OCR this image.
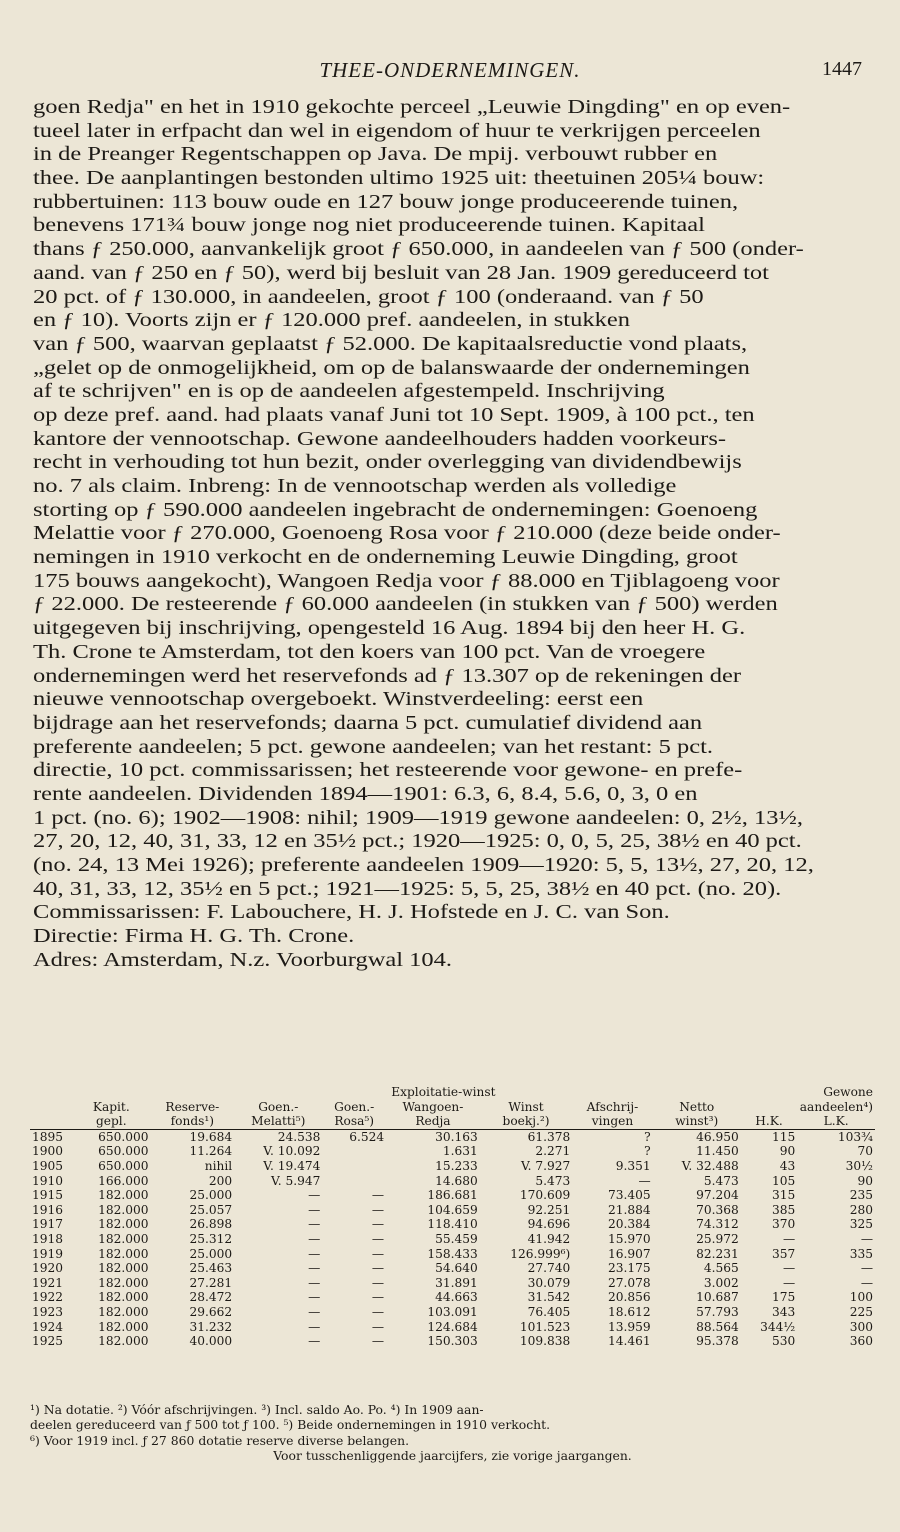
THEE-ONDERNEMINGEN.	1447
goen Redja" en het in 1910 gekochte perceel „Leuwie Dingding" en op even-
tueel later in erfpacht dan wel in eigendom of huur te verkrijgen perceelen
in de Preanger Regentschappen op Java. De mpij. verbouwt rubber en
thee. De aanplantingen bestonden ultimo 1925 uit: theetuinen 205¼ bouw:
rubbertuinen: 113 bouw oude en 127 bouw jonge produceerende tuinen,
benevens 171¾ bouw jonge nog niet produceerende tuinen. Kapitaal
thans ƒ 250.000, aanvankelijk groot ƒ 650.000, in aandeelen van ƒ 500 (onder-
aand. van ƒ 250 en ƒ 50), werd bij besluit van 28 Jan. 1909 gereduceerd tot
20 pct. of ƒ 130.000, in aandeelen, groot ƒ 100 (onderaand. van ƒ 50
en ƒ 10). Voorts zijn er ƒ 120.000 pref. aandeelen, in stukken
van ƒ 500, waarvan geplaatst ƒ 52.000. De kapitaalsreductie vond plaats,
„gelet op de onmogelijkheid, om op de balanswaarde der ondernemingen
af te schrijven" en is op de aandeelen afgestempeld. Inschrijving
op deze pref. aand. had plaats vanaf Juni tot 10 Sept. 1909, à 100 pct., ten
kantore der vennootschap. Gewone aandeelhouders hadden voorkeurs-
recht in verhouding tot hun bezit, onder overlegging van dividendbewijs
no. 7 als claim. Inbreng: In de vennootschap werden als volledige
storting op ƒ 590.000 aandeelen ingebracht de ondernemingen: Goenoeng
Melattie voor ƒ 270.000, Goenoeng Rosa voor ƒ 210.000 (deze beide onder-
nemingen in 1910 verkocht en de onderneming Leuwie Dingding, groot
175 bouws aangekocht), Wangoen Redja voor ƒ 88.000 en Tjiblagoeng voor
ƒ 22.000. De resteerende ƒ 60.000 aandeelen (in stukken van ƒ 500) werden
uitgegeven bij inschrijving, opengesteld 16 Aug. 1894 bij den heer H. G.
Th. Crone te Amsterdam, tot den koers van 100 pct. Van de vroegere
ondernemingen werd het reservefonds ad ƒ 13.307 op de rekeningen der
nieuwe vennootschap overgeboekt. Winstverdeeling: eerst een
bijdrage aan het reservefonds; daarna 5 pct. cumulatief dividend aan
preferente aandeelen; 5 pct. gewone aandeelen; van het restant: 5 pct.
directie, 10 pct. commissarissen; het resteerende voor gewone- en prefe-
rente aandeelen. Dividenden 1894—1901: 6.3, 6, 8.4, 5.6, 0, 3, 0 en
1 pct. (no. 6); 1902—1908: nihil; 1909—1919 gewone aandeelen: 0, 2½, 13½,
27, 20, 12, 40, 31, 33, 12 en 35½ pct.; 1920—1925: 0, 0, 5, 25, 38½ en 40 pct.
(no. 24, 13 Mei 1926); preferente aandeelen 1909—1920: 5, 5, 13½, 27, 20, 12,
40, 31, 33, 12, 35½ en 5 pct.; 1921—1925: 5, 5, 25, 38½ en 40 pct. (no. 20).
Commissarissen: F. Labouchere, H. J. Hofstede en J. C. van Son.
Directie: Firma H. G. Th. Crone.
Adres: Amsterdam, N.z. Voorburgwal 104.
			Exploitatie-winst							Gewone
	Kapit.	Reserve-	Goen.-	Goen.-	Wangoen-	Winst	Afschrij-	Netto	aandeelen⁴)	
	gepl.	fonds¹)	Melatti⁵)	Rosa⁵)	Redja	boekj.²)	vingen	winst³)	H.K.	L.K.
1895	650.000	19.684	24.538	6.524	30.163	61.378	?	46.950	115	103¾
1900	650.000	11.264	V. 10.092		1.631	2.271	?	11.450	90	70
1905	650.000	nihil	V. 19.474		15.233	V. 7.927	9.351	V. 32.488	43	30½
1910	166.000	200	V. 5.947		14.680	5.473	—	5.473	105	90
1915	182.000	25.000	—	—	186.681	170.609	73.405	97.204	315	235
1916	182.000	25.057	—	—	104.659	92.251	21.884	70.368	385	280
1917	182.000	26.898	—	—	118.410	94.696	20.384	74.312	370	325
1918	182.000	25.312	—	—	55.459	41.942	15.970	25.972	—	—
1919	182.000	25.000	—	—	158.433	126.999⁶)	16.907	82.231	357	335
1920	182.000	25.463	—	—	54.640	27.740	23.175	4.565	—	—
1921	182.000	27.281	—	—	31.891	30.079	27.078	3.002	—	—
1922	182.000	28.472	—	—	44.663	31.542	20.856	10.687	175	100
1923	182.000	29.662	—	—	103.091	76.405	18.612	57.793	343	225
1924	182.000	31.232	—	—	124.684	101.523	13.959	88.564	344½	300
1925	182.000	40.000	—	—	150.303	109.838	14.461	95.378	530	360
¹) Na dotatie. ²) Vóór afschrijvingen. ³) Incl. saldo Ao. Po. ⁴) In 1909 aan-
deelen gereduceerd van ƒ 500 tot ƒ 100. ⁵) Beide ondernemingen in 1910 verkocht.
⁶) Voor 1919 incl. ƒ 27 860 dotatie reserve diverse belangen.
Voor tusschenliggende jaarcijfers, zie vorige jaargangen.
